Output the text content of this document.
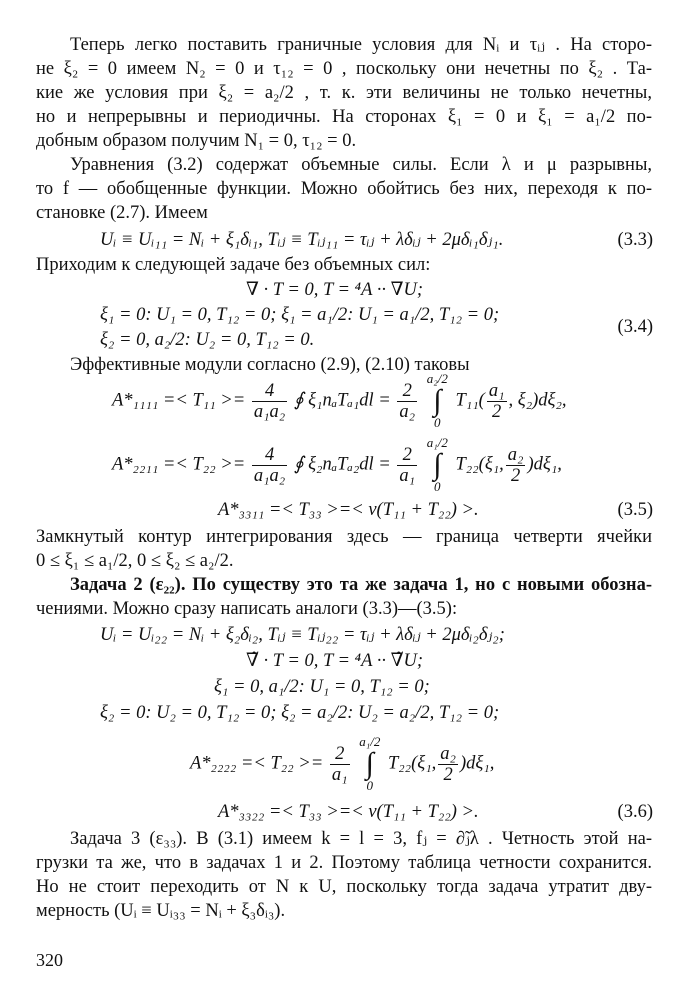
Теперь легко поставить граничные условия для Nᵢ и τᵢⱼ . На сторо-
не ξ₂ = 0 имеем N₂ = 0 и τ₁₂ = 0 , поскольку они нечетны по ξ₂ . Та-
кие же условия при ξ₂ = a₂/2 , т. к. эти величины не только нечетны,
но и непрерывны и периодичны. На сторонах ξ₁ = 0 и ξ₁ = a₁/2 по-
добным образом получим N₁ = 0, τ₁₂ = 0.
Уравнения (3.2) содержат объемные силы. Если λ и μ разрывны,
то f — обобщенные функции. Можно обойтись без них, переходя к по-
становке (2.7). Имеем
Uᵢ ≡ Uᵢ₁₁ = Nᵢ + ξ₁δᵢ₁, Tᵢⱼ ≡ Tᵢⱼ₁₁ = τᵢⱼ + λδᵢⱼ + 2μδᵢ₁δⱼ₁.	(3.3)
Приходим к следующей задаче без объемных сил:
∇ · T = 0, T = ⁴A ·· ∇U;
ξ₁ = 0: U₁ = 0, T₁₂ = 0; ξ₁ = a₁/2: U₁ = a₁/2, T₁₂ = 0;
ξ₂ = 0, a₂/2: U₂ = 0, T₁₂ = 0.
(3.4)
Эффективные модули согласно (2.9), (2.10) таковы
$A*_{1111} =< T_{11} >= \frac{4}{\text{a₁a₂}}$ ∮ $\xi_1n_aT_{a1}dl = \frac{2}{\text{a₂}}$

a₂/2
∫
0
$T_{11}( \frac{\text{a₁}}{2}$ , ξ₂)dξ₂,
$A*_{2211} =< T_{22} >= \frac{4}{\text{a₁a₂}}$ ∮ $\xi_2n_aT_{a2}dl = \frac{2}{\text{a₁}}$

a₁/2
∫
0
T₂₂(ξ₁, $\frac{\text{a₂}}{2} )d\xi_1$,
A*₃₃₁₁ =< T₃₃ >=< ν(T₁₁ + T₂₂) >.	(3.5)
Замкнутый контур интегрирования здесь — граница четверти ячейки
0 ≤ ξ₁ ≤ a₁/2, 0 ≤ ξ₂ ≤ a₂/2.
Задача 2 (ε₂₂). По существу это та же задача 1, но с новыми обозна-
чениями. Можно сразу написать аналоги (3.3)—(3.5):
Uᵢ = Uᵢ₂₂ = Nᵢ + ξ₂δᵢ₂, Tᵢⱼ ≡ Tᵢⱼ₂₂ = τᵢⱼ + λδᵢⱼ + 2μδᵢ₂δⱼ₂;
∇̃ · T = 0, T = ⁴A ·· ∇̃U;
ξ₁ = 0, a₁/2: U₁ = 0, T₁₂ = 0;
ξ₂ = 0: U₂ = 0, T₁₂ = 0; ξ₂ = a₂/2: U₂ = a₂/2, T₁₂ = 0;
$A*_{2222} =< T_{22} >= \frac{2}{\text{a₁}}$

a₁/2
∫
0
T₂₂(ξ₁, $\frac{\text{a₂}}{2} )d\xi_1$,
A*₃₃₂₂ =< T₃₃ >=< ν(T₁₁ + T₂₂) >.	(3.6)
Задача 3 (ε₃₃). В (3.1) имеем k = l = 3, fⱼ = ∂̃ⱼλ . Четность этой на-
грузки та же, что в задачах 1 и 2. Поэтому таблица четности сохранится.
Но не стоит переходить от N к U, поскольку тогда задача утратит дву-
мерность (Uᵢ ≡ Uᵢ₃₃ = Nᵢ + ξ₃δᵢ₃).
320
